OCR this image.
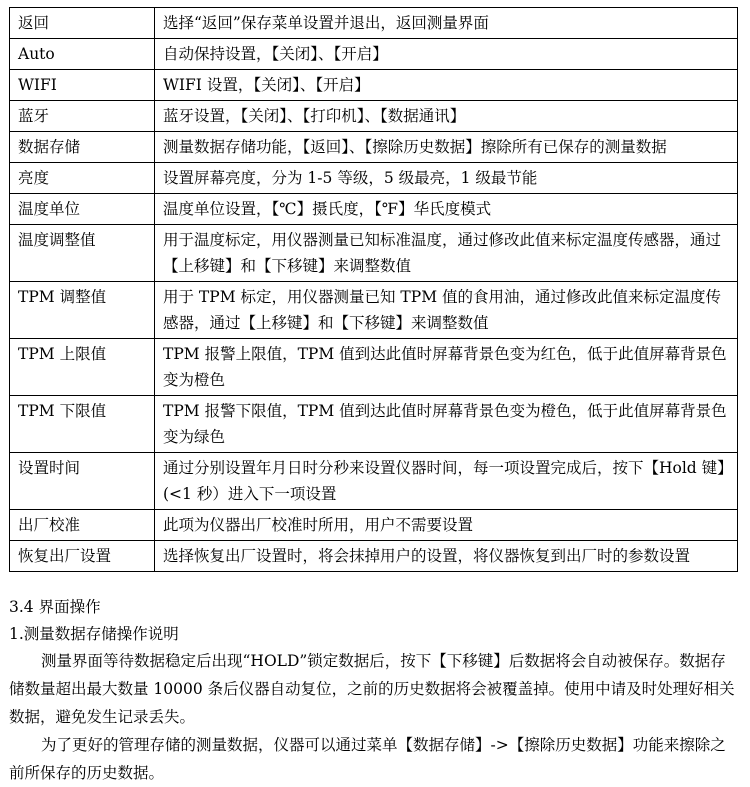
返回	选择“返回”保存菜单设置并退出，返回测量界面
Auto	自动保持设置，【关闭】、【开启】
WIFI	WIFI 设置，【关闭】、【开启】
蓝牙	蓝牙设置，【关闭】、【打印机】、【数据通讯】
数据存储	测量数据存储功能，【返回】、【擦除历史数据】擦除所有已保存的测量数据
亮度	设置屏幕亮度，分为 1-5 等级，5 级最亮，1 级最节能
温度单位	温度单位设置，【℃】摄氏度，【℉】华氏度模式
温度调整值	用于温度标定，用仪器测量已知标准温度，通过修改此值来标定温度传感器，通过【上移键】和【下移键】来调整数值
TPM 调整值	用于 TPM 标定，用仪器测量已知 TPM 值的食用油，通过修改此值来标定温度传感器，通过【上移键】和【下移键】来调整数值
TPM 上限值	TPM 报警上限值，TPM 值到达此值时屏幕背景色变为红色，低于此值屏幕背景色变为橙色
TPM 下限值	TPM 报警下限值，TPM 值到达此值时屏幕背景色变为橙色，低于此值屏幕背景色变为绿色
设置时间	通过分别设置年月日时分秒来设置仪器时间，每一项设置完成后，按下【Hold 键】(<1 秒）进入下一项设置
出厂校准	此项为仪器出厂校准时所用，用户不需要设置
恢复出厂设置	选择恢复出厂设置时，将会抹掉用户的设置，将仪器恢复到出厂时的参数设置
3.4 界面操作
1.测量数据存储操作说明
测量界面等待数据稳定后出现“HOLD”锁定数据后，按下【下移键】后数据将会自动被保存。数据存储数量超出最大数量 10000 条后仪器自动复位，之前的历史数据将会被覆盖掉。使用中请及时处理好相关数据，避免发生记录丢失。
为了更好的管理存储的测量数据，仪器可以通过菜单【数据存储】->【擦除历史数据】功能来擦除之前所保存的历史数据。
